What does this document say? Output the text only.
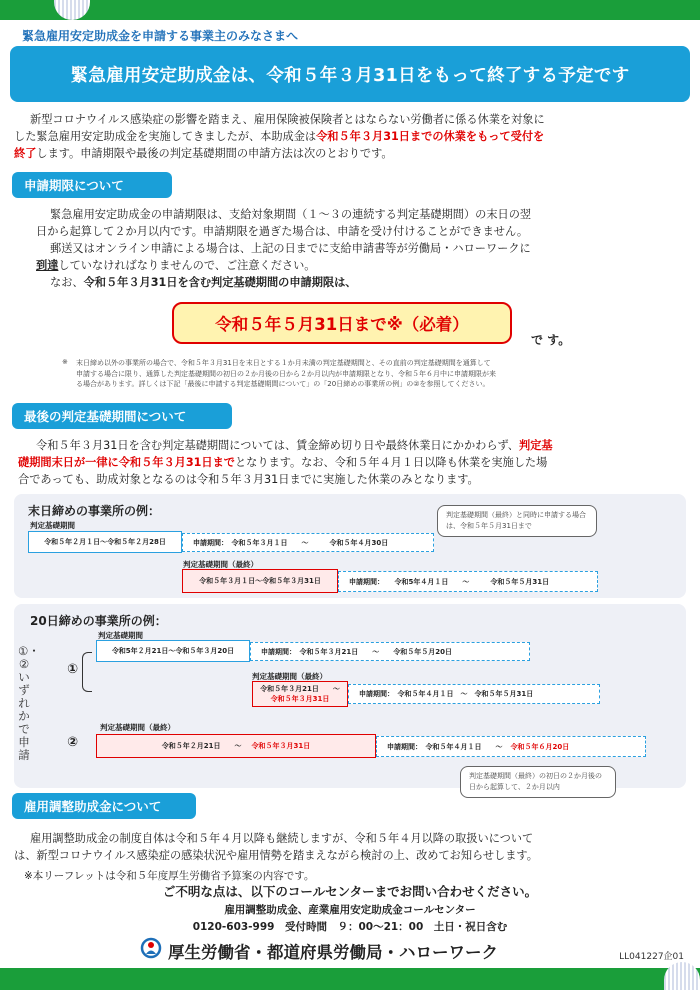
緊急雇用安定助成金を申請する事業主のみなさまへ
緊急雇用安定助成金は、令和５年３月31日をもって終了する予定です
新型コロナウイルス感染症の影響を踏まえ、雇用保険被保険者とはならない労働者に係る休業を対象に
した緊急雇用安定助成金を実施してきましたが、本助成金は令和５年３月31日までの休業をもって受付を
終了します。申請期限や最後の判定基礎期間の申請方法は次のとおりです。
申請期限について
緊急雇用安定助成金の申請期限は、支給対象期間（１～３の連続する判定基礎期間）の末日の翌
日から起算して２か月以内です。申請期限を過ぎた場合は、申請を受け付けることができません。
郵送又はオンライン申請による場合は、上記の日までに支給申請書等が労働局・ハローワークに
到達していなければなりませんので、ご注意ください。
なお、令和５年３月31日を含む判定基礎期間の申請期限は、
令和５年５月31日まで※（必着）
で す。
※ 末日締め以外の事業所の場合で、令和５年３月31日を末日とする１か月未満の判定基礎期間と、その直前の判定基礎期間を通算して
申請する場合に限り、通算した判定基礎期間の初日の２か月後の日から２か月以内が申請期限となり、令和５年６月中に申請期限が来
る場合があります。詳しくは下記「最後に申請する判定基礎期間について」の「20日締めの事業所の例」の②を参照してください。
最後の判定基礎期間について
令和５年３月31日を含む判定基礎期間については、賃金締め切り日や最終休業日にかかわらず、判定基
礎期間末日が一律に令和５年３月31日までとなります。なお、令和５年４月１日以降も休業を実施した場
合であっても、助成対象となるのは令和５年３月31日までに実施した休業のみとなります。
末日締めの事業所の例：	判定基礎期間（最終）と同時に申請する場合は、令和５年５月31日まで
判定基礎期間
令和５年２月１日～令和５年２月28日	申請期間：　令和５年３月１日　　〜　　　令和５年４月30日
判定基礎期間（最終）
令和５年３月１日～令和５年３月31日	申請期間：　　令和5年４月１日　　〜　　　令和５年５月31日
20日締めの事業所の例：
①・②いずれかで申請
①
②
判定基礎期間
令和5年２月21日～令和５年３月20日	申請期間：　令和５年３月21日　　〜　　令和５年５月20日
判定基礎期間（最終）
令和５年３月21日　　〜
令和５年３月31日
申請期間：　令和５年４月１日　〜　令和５年５月31日
判定基礎期間（最終）
令和５年２月21日　　〜 令和５年３月31日	申請期間：　令和５年４月１日　　〜 令和５年６月20日
判定基礎期間（最終）の初日の２か月後の日から起算して、２か月以内
雇用調整助成金について
雇用調整助成金の制度自体は令和５年４月以降も継続しますが、令和５年４月以降の取扱いについて
は、新型コロナウイルス感染症の感染状況や雇用情勢を踏まえながら検討の上、改めてお知らせします。
※本リーフレットは令和５年度厚生労働省予算案の内容です。
ご不明な点は、以下のコールセンターまでお問い合わせください。
雇用調整助成金、産業雇用安定助成金コールセンター
0120-603-999　受付時間　９：00～21：00　土日・祝日含む
厚生労働省・都道府県労働局・ハローワーク	LL041227企01
